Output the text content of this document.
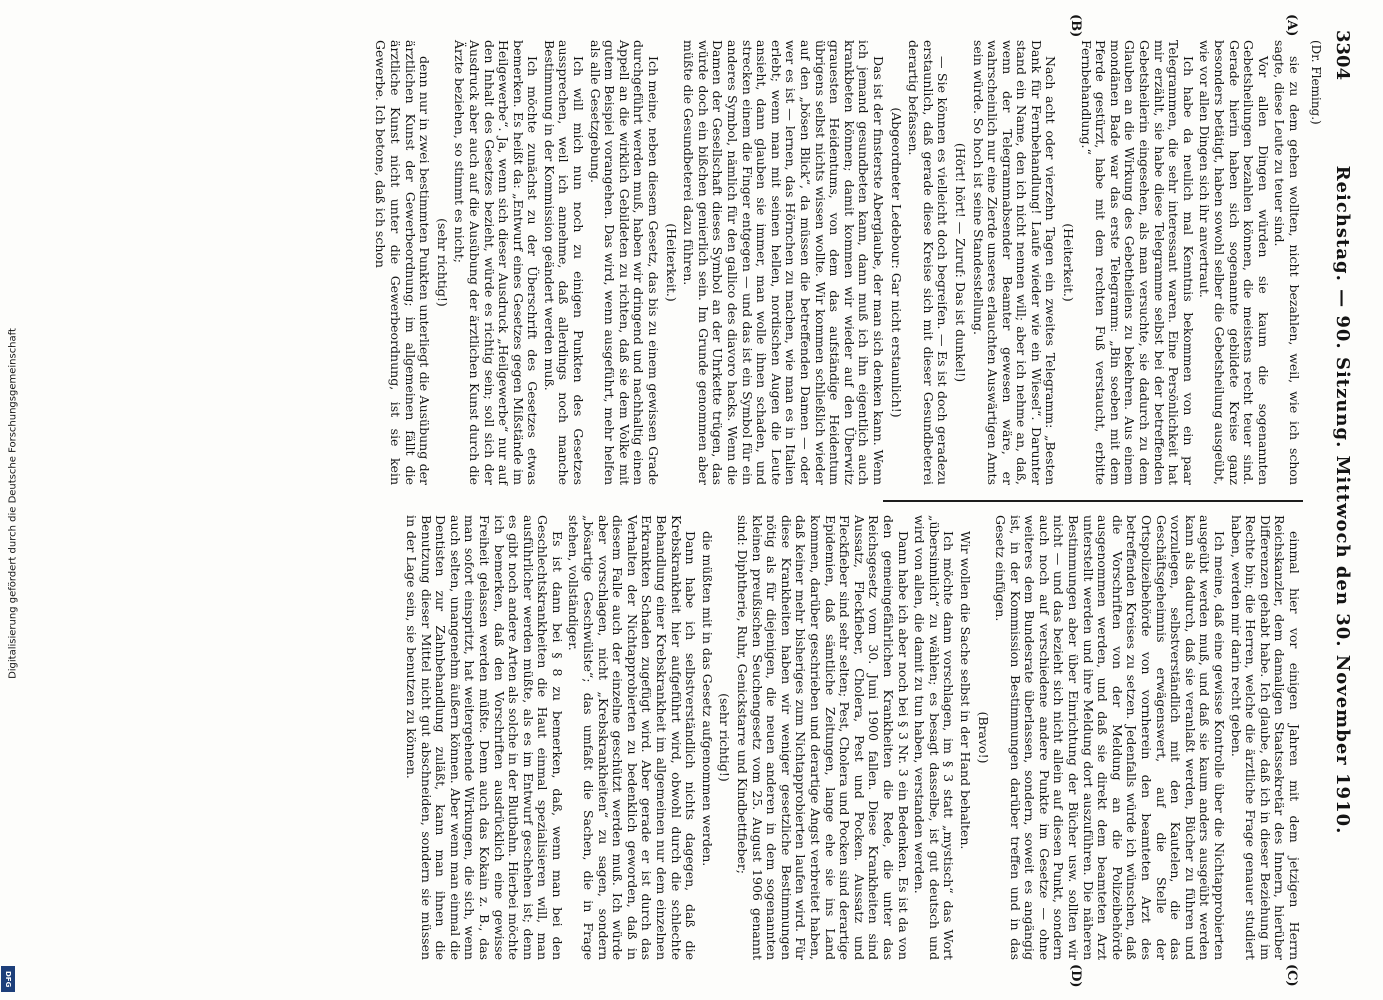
3304
Reichstag. — 90. Sitzung. Mittwoch den 30. November 1910.
(Dr. Fleming.)
(A)
(B)
(C)
(D)

sie zu dem gehen wollten, nicht bezahlen, weil, wie ich schon sagte, diese Leute zu teuer sind.

Vor allen Dingen würden sie kaum die sogenannten Gebetsheilungen bezahlen können, die meistens recht teuer sind. Gerade hierin haben sich sogenannte gebildete Kreise ganz besonders betätigt, haben sowohl selber die Gebetsheilung ausgeübt, wie vor allen Dingen sich ihr anvertraut.

Ich habe da neulich mal Kenntnis bekommen von ein paar Telegrammen, die sehr interessant waren. Eine Persönlichkeit hat mir erzählt, sie habe diese Telegramme selbst bei der betreffenden Gebetsheilerin eingesehen, als man versuchte, sie dadurch zu dem Glauben an die Wirkung des Gebetheilens zu bekehren. Aus einem mondänen Bade war das erste Telegramm: „Bin soeben mit dem Pferde gestürzt, habe mit dem rechten Fuß verstaucht, erbitte Fernbehandlung.“

(Heiterkeit.)

Nach acht oder vierzehn Tagen ein zweites Telegramm: „Besten Dank für Fernbehandlung! Laufe wieder wie ein Wiesel“. Darunter stand ein Name, den ich nicht nennen will; aber ich nehme an, daß, wenn der Telegrammabsender Beamter gewesen wäre, er wahrscheinlich nur eine Zierde unseres erlauchten Auswärtigen Amts sein würde. So hoch ist seine Standesstellung.

(Hört! hört! — Zuruf: Das ist dunkel!)

— Sie können es vielleicht doch begreifen. — Es ist doch geradezu erstaunlich, daß gerade diese Kreise sich mit dieser Gesundbeterei derartig befassen.

(Abgeordneter Ledebour: Gar nicht erstaunlich!)

Das ist der finsterste Aberglaube, der man sich denken kann. Wenn ich jemand gesundbeten kann, dann muß ich ihn eigentlich auch krankbeten können; damit kommen wir wieder auf den Überwitz grauesten Heidentums, von dem das aufständige Heidentum übrigens selbst nichts wissen wollte. Wir kommen schließlich wieder auf den „bösen Blick“, da müssen die betreffenden Damen — oder wer es ist — lernen, das Hörnchen zu machen, wie man es in Italien erlebt; wenn man mit seinen hellen, nordischen Augen die Leute ansieht, dann glauben sie immer, man wolle ihnen schaden, und strecken einem die Finger entgegen — und das ist ein Symbol für ein anderes Symbol, nämlich für den gallico des diavoro hacks. Wenn die Damen der Gesellschaft dieses Symbol an der Uhrkette trügen, das würde doch ein bißchen genierlich sein. Im Grunde genommen aber müßte die Gesundbeterei dazu führen.

(Heiterkeit.)

Ich meine, neben diesem Gesetz, das bis zu einem gewissen Grade durchgeführt werden muß, haben wir dringend und nachhaltig einen Appell an die wirklich Gebildeten zu richten, daß sie dem Volke mit gutem Beispiel vorangehen. Das wird, wenn ausgeführt, mehr helfen als alle Gesetzgebung.

Ich will mich nun noch zu einigen Punkten des Gesetzes aussprechen, weil ich annehme, daß allerdings noch manche Bestimmung in der Kommission geändert werden muß.

Ich möchte zunächst zu der Überschrift des Gesetzes etwas bemerken. Es heißt da: „Entwurf eines Gesetzes gegen Mißstände im Heilgewerbe“. Ja, wenn sich dieser Ausdruck „Heilgewerbe“ nur auf den Inhalt des Gesetzes bezieht, würde es richtig sein; soll sich der Ausdruck aber auch auf die Ausübung der ärztlichen Kunst durch die Ärzte beziehen, so stimmt es nicht;

(sehr richtig!)

denn nur in zwei bestimmten Punkten unterliegt die Ausübung der ärztlichen Kunst der Gewerbeordnung; im allgemeinen fällt die ärztliche Kunst nicht unter die Gewerbeordnung, ist sie kein Gewerbe. Ich betone, daß ich schon

einmal hier vor einigen Jahren mit dem jetzigen Herrn Reichskanzler, dem damaligen Staatssekretär des Innern, hierüber Differenzen gehabt habe. Ich glaube, daß ich in dieser Beziehung im Rechte bin; die Herren, welche die ärztliche Frage genauer studiert haben, werden mir darin recht geben.

Ich meine, daß eine gewisse Kontrolle über die Nichtapprobierten ausgeübt werden muß, und daß sie kaum anders ausgeübt werden kann als dadurch, daß sie veranlaßt werden, Bücher zu führen und vorzulegen, selbstverständlich mit den Kautelen, die das Geschäftsgeheimnis erwägenswert, auf die Stelle der Ortspolizeibehörde von vornherein den beamteten Arzt des betreffenden Kreises zu setzen. Jedenfalls würde ich wünschen, daß die Vorschriften von der Meldung an die Polizeibehörde ausgenommen werden, und daß sie direkt dem beamteten Arzt unterstellt werden und ihre Meldung dort auszuführen. Die näheren Bestimmungen aber über Einrichtung der Bücher usw. sollten wir nicht — und das bezieht sich nicht allein auf diesen Punkt, sondern auch noch auf verschiedene andere Punkte im Gesetze — ohne weiteres dem Bundesrate überlassen, sondern, soweit es angängig ist, in der Kommission Bestimmungen darüber treffen und in das Gesetz einfügen.

(Bravo!)

Wir wollen die Sache selbst in der Hand behalten.

Ich möchte dann vorschlagen, im § 3 statt „mystisch“ das Wort „übersinnlich“ zu wählen; es besagt dasselbe, ist gut deutsch und wird von allen, die damit zu tun haben, verstanden werden.

Dann habe ich aber noch bei § 3 Nr. 3 ein Bedenken. Es ist da von den gemeingefährlichen Krankheiten die Rede, die unter das Reichsgesetz vom 30. Juni 1900 fallen. Diese Krankheiten sind Aussatz, Fleckfieber, Cholera, Pest und Pocken. Aussatz und Fleckfieber sind sehr selten; Pest, Cholera und Pocken sind derartige Epidemien, daß sämtliche Zeitungen, lange ehe sie ins Land kommen, darüber geschrieben und derartige Angst verbreitet haben, daß keiner mehr bisheriges zum Nichtapprobierten laufen wird. Für diese Krankheiten haben wir weniger gesetzliche Bestimmungen nötig als für diejenigen, die neuen anderen in dem sogenannten kleinen preußischen Seuchengesetz vom 25. August 1906 genannt sind: Diphtherie, Ruhr, Genickstarre und Kindbettfieber;

(sehr richtig!)

die müßten mit in das Gesetz aufgenommen werden.

Dann habe ich selbstverständlich nichts dagegen, daß die Krebskrankheit hier aufgeführt wird, obwohl durch die schlechte Behandlung einer Krebskrankheit im allgemeinen nur dem einzelnen Erkrankten Schaden zugefügt wird. Aber gerade er ist durch das Verhalten der Nichtapprobierten zu bedenklich geworden, daß in diesem Falle auch der einzelne geschützt werden muß. Ich würde aber vorschlagen, nicht „Krebskrankheiten“ zu sagen, sondern „bösartige Geschwülste“; das umfaßt die Sachen, die in Frage stehen, vollständiger.

Es ist dann bei § 8 zu bemerken, daß, wenn man bei den Geschlechtskrankheiten die Haut einmal spezialisieren will, man ausführlicher werden müßte, als es im Entwurf geschehen ist; denn es gibt noch andere Arten als solche in der Blutbahn. Hierbei möchte ich bemerken, daß den Vorschriften ausdrücklich eine gewisse Freiheit gelassen werden müßte. Denn auch das Kokain z. B., das man sofort einspritzt, hat weitergehende Wirkungen, die sich, wenn auch selten, unangenehm äußern können. Aber wenn man einmal die Dentisten zur Zahnbehandlung zuläßt, kann man ihnen die Benutzung dieser Mittel nicht gut abschneiden, sondern sie müssen in der Lage sein, sie benutzen zu können.

Digitalisierung gefördert durch die Deutsche Forschungsgemeinschaft
DFG
